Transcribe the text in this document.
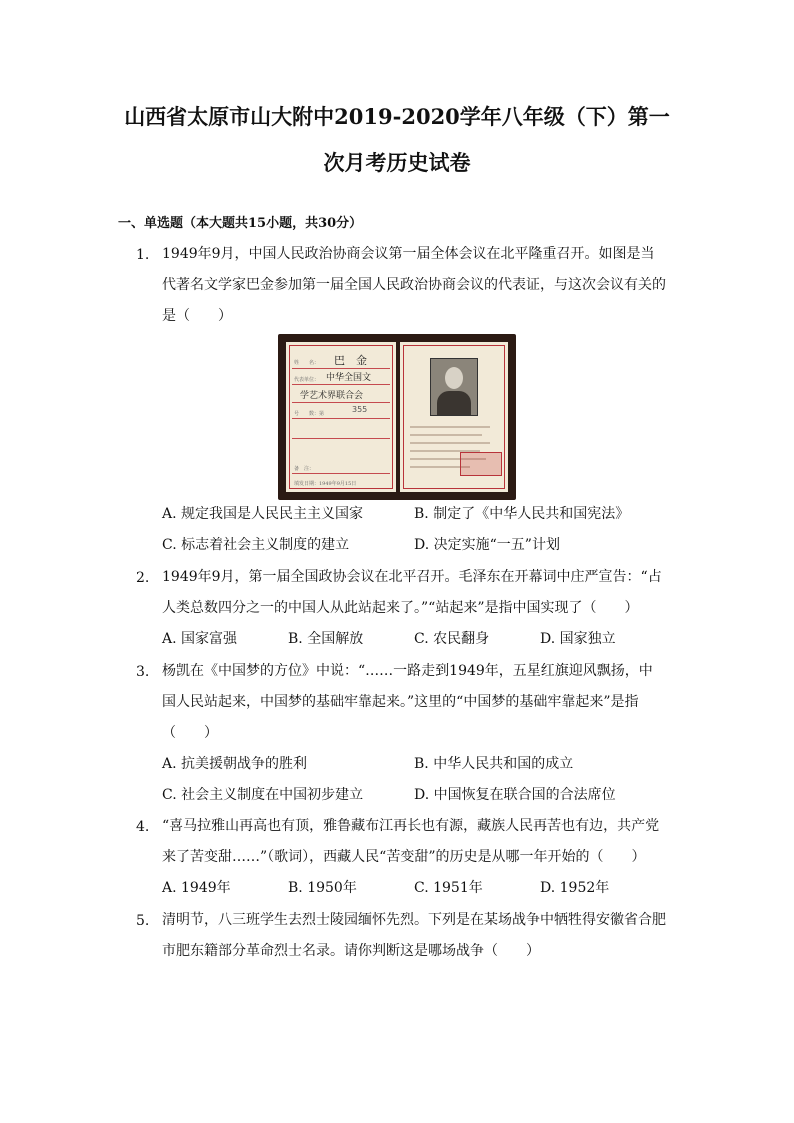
山西省太原市山大附中2019-2020学年八年级（下）第一
次月考历史试卷
一、单选题（本大题共15小题，共30分）
1. 1949年9月，中国人民政治协商会议第一届全体会议在北平隆重召开。如图是当
代著名文学家巴金参加第一届全国人民政治协商会议的代表证，与这次会议有关的
是（　　）
姓　　名： 巴　金
代表单位： 中华全国文
学艺术界联合会
号　　数：第	355
备　注：
填发日期：1949年9月15日
A. 规定我国是人民民主主义国家	B. 制定了《中华人民共和国宪法》
C. 标志着社会主义制度的建立	D. 决定实施“一五”计划
2. 1949年9月，第一届全国政协会议在北平召开。毛泽东在开幕词中庄严宣告：“占
人类总数四分之一的中国人从此站起来了。”“站起来”是指中国实现了（　　）
A. 国家富强	B. 全国解放	C. 农民翻身	D. 国家独立
3. 杨凯在《中国梦的方位》中说：“……一路走到1949年，五星红旗迎风飘扬，中
国人民站起来，中国梦的基础牢靠起来。”这里的“中国梦的基础牢靠起来”是指
（　　）
A. 抗美援朝战争的胜利	B. 中华人民共和国的成立
C. 社会主义制度在中国初步建立	D. 中国恢复在联合国的合法席位
4. “喜马拉雅山再高也有顶，雅鲁藏布江再长也有源，藏族人民再苦也有边，共产党
来了苦变甜……”（歌词），西藏人民“苦变甜”的历史是从哪一年开始的（　　）
A. 1949年	B. 1950年	C. 1951年	D. 1952年
5. 清明节，八三班学生去烈士陵园缅怀先烈。下列是在某场战争中牺牲得安徽省合肥
市肥东籍部分革命烈士名录。请你判断这是哪场战争（　　）
